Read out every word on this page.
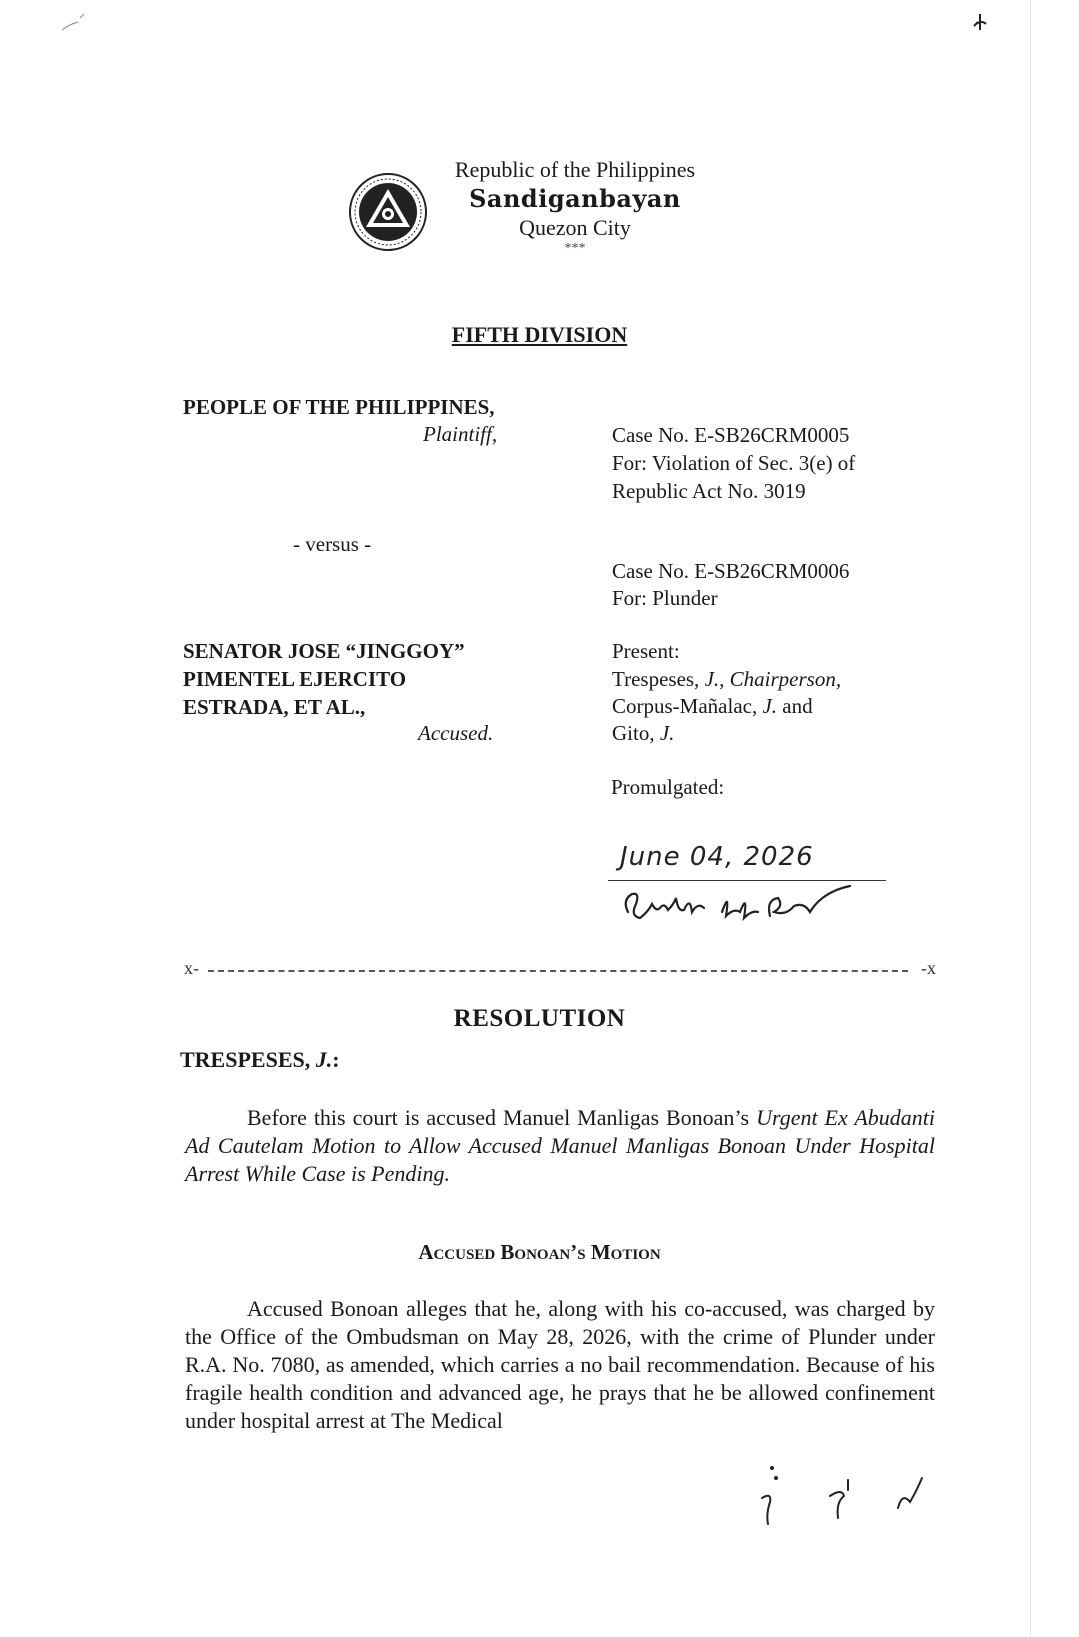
Republic of the Philippines
Sandiganbayan
Quezon City
***
FIFTH DIVISION
PEOPLE OF THE PHILIPPINES,
Plaintiff,
- versus -
SENATOR JOSE “JINGGOY”
PIMENTEL EJERCITO
ESTRADA, ET AL.,
Accused.
Case No. E-SB26CRM0005
For: Violation of Sec. 3(e) of
Republic Act No. 3019
Case No. E-SB26CRM0006
For: Plunder
Present:
Trespeses, J., Chairperson,
Corpus-Mañalac, J. and
Gito, J.
Promulgated:
June 04, 2026
x-	-x
RESOLUTION
TRESPESES, J.:
Before this court is accused Manuel Manligas Bonoan’s Urgent Ex Abudanti Ad Cautelam Motion to Allow Accused Manuel Manligas Bonoan Under Hospital Arrest While Case is Pending.
Accused Bonoan’s Motion
Accused Bonoan alleges that he, along with his co-accused, was charged by the Office of the Ombudsman on May 28, 2026, with the crime of Plunder under R.A. No. 7080, as amended, which carries a no bail recommendation. Because of his fragile health condition and advanced age, he prays that he be allowed confinement under hospital arrest at The Medical
